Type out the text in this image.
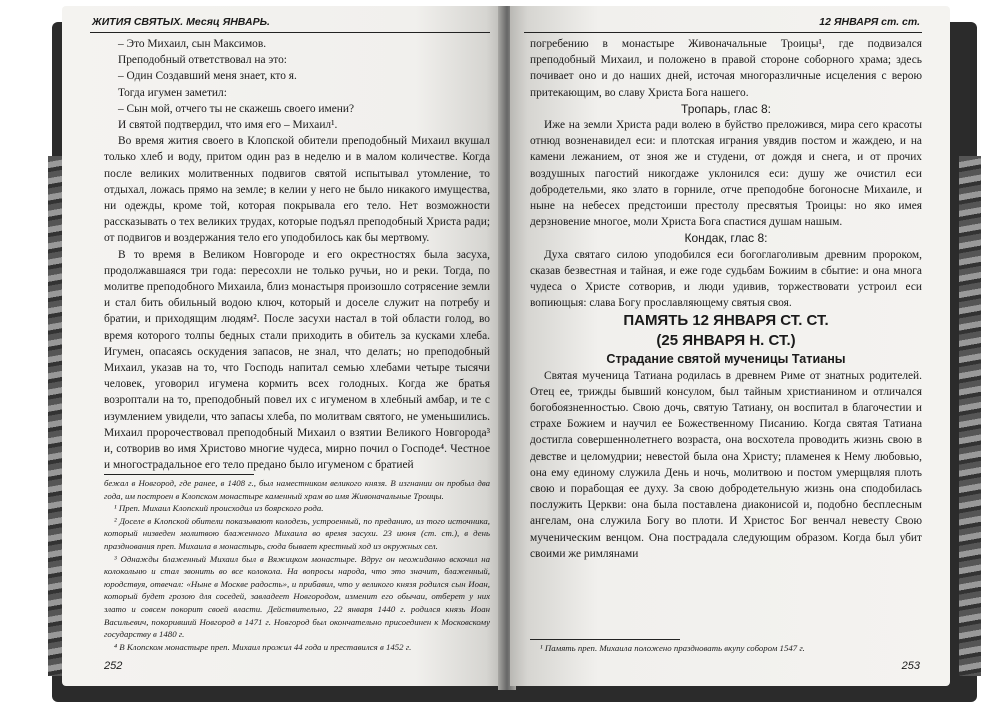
ЖИТИЯ СВЯТЫХ. Месяц ЯНВАРЬ.

– Это Михаил, сын Максимов.

Преподобный ответствовал на это:

– Один Создавший меня знает, кто я.

Тогда игумен заметил:

– Сын мой, отчего ты не скажешь своего имени?

И святой подтвердил, что имя его – Михаил¹.

Во время жития своего в Клопской обители преподобный Михаил вкушал только хлеб и воду, притом один раз в неделю и в малом количестве. Когда после великих молитвенных подвигов святой испытывал утомление, то отдыхал, ложась прямо на земле; в келии у него не было никакого имущества, ни одежды, кроме той, которая покрывала его тело. Нет возможности рассказывать о тех великих трудах, которые подъял преподобный Христа ради; от подвигов и воздержания тело его уподобилось как бы мертвому.

В то время в Великом Новгороде и его окрестностях была засуха, продолжавшаяся три года: пересохли не только ручьи, но и реки. Тогда, по молитве преподобного Михаила, близ монастыря произошло сотрясение земли и стал бить обильный водою ключ, который и доселе служит на потребу и братии, и приходящим людям². После засухи настал в той области голод, во время которого толпы бедных стали приходить в обитель за кусками хлеба. Игумен, опасаясь оскудения запасов, не знал, что делать; но преподобный Михаил, указав на то, что Господь напитал семью хлебами четыре тысячи человек, уговорил игумена кормить всех голодных. Когда же братья возроптали на то, преподобный повел их с игуменом в хлебный амбар, и те с изумлением увидели, что запасы хлеба, по молитвам святого, не уменьшились. Михаил пророчествовал преподобный Михаил о взятии Великого Новгорода³ и, сотворив во имя Христово многие чудеса, мирно почил о Господе⁴. Честное и многострадальное его тело предано было игуменом с братией

бежал в Новгород, где ранее, в 1408 г., был наместником великого князя. В изгнании он пробыл два года, им построен в Клопском монастыре каменный храм во имя Живоначальные Троицы.

¹ Преп. Михаил Клопский происходил из боярского рода.

² Доселе в Клопской обители показывают колодезь, устроенный, по преданию, из того источника, который низведен молитвою блаженного Михаила во время засухи. 23 июня (ст. ст.), в день празднования преп. Михаила в монастырь, сюда бывает крестный ход из окружных сел.

³ Однажды блаженный Михаил был в Вяжицком монастыре. Вдруг он неожиданно вскочил на колокольню и стал звонить во все колокола. На вопросы народа, что это значит, блаженный, юродствуя, отвечал: «Ныне в Москве радость», и прибавил, что у великого князя родился сын Иоан, который будет грозою для соседей, завладеет Новгородом, изменит его обычаи, отберет у них злато и совсем покорит своей власти. Действительно, 22 января 1440 г. родился князь Иоан Васильевич, покоривший Новгород в 1471 г. Новгород был окончательно присоединен к Московскому государству в 1480 г.

⁴ В Клопском монастыре преп. Михаил прожил 44 года и преставился в 1452 г.

252
12 ЯНВАРЯ ст. ст.

погребению в монастыре Живоначальные Троицы¹, где подвизался преподобный Михаил, и положено в правой стороне соборного храма; здесь почивает оно и до наших дней, источая многоразличные исцеления с верою притекающим, во славу Христа Бога нашего.

Тропарь, глас 8:

Иже на земли Христа ради волею в буйство преложився, мира сего красоты отнюд возненавидел еси: и плотская играния увядив постом и жаждею, и на камени лежанием, от зноя же и студени, от дождя и снега, и от прочих воздушных пагостий никогдаже уклонился еси: душу же очистил еси добродетельми, яко злато в горниле, отче преподобне богоносне Михаиле, и ныне на небесех предстоиши престолу пресвятыя Троицы: но яко имея дерзновение многое, моли Христа Бога спастися душам нашым.

Кондак, глас 8:

Духа святаго силою уподобился еси богоглаголивым древним пророком, сказав безвестная и тайная, и еже годе судьбам Божиим в сбытие: и она многа чудеса о Христе сотворив, и люди удивив, торжествовати устроил еси вопиющыя: слава Богу прославляющему святыя своя.

ПАМЯТЬ 12 ЯНВАРЯ СТ. СТ.

(25 ЯНВАРЯ Н. СТ.)

Страдание святой мученицы Татианы

Святая мученица Татиана родилась в древнем Риме от знатных родителей. Отец ее, трижды бывший консулом, был тайным христианином и отличался богобоязненностью. Свою дочь, святую Татиану, он воспитал в благочестии и страхе Божием и научил ее Божественному Писанию. Когда святая Татиана достигла совершеннолетнего возраста, она восхотела проводить жизнь свою в девстве и целомудрии; невестой была она Христу; пламенея к Нему любовью, она ему единому служила День и ночь, молитвою и постом умерщвляя плоть свою и порабощая ее духу. За свою добродетельную жизнь она сподобилась послужить Церкви: она была поставлена диаконисой и, подобно бесплесным ангелам, она служила Богу во плоти. И Христос Бог венчал невесту Свою мученическим венцом. Она пострадала следующим образом. Когда был убит своими же римлянами

¹ Память преп. Михаила положено праздновать вкупу собором 1547 г.

253
